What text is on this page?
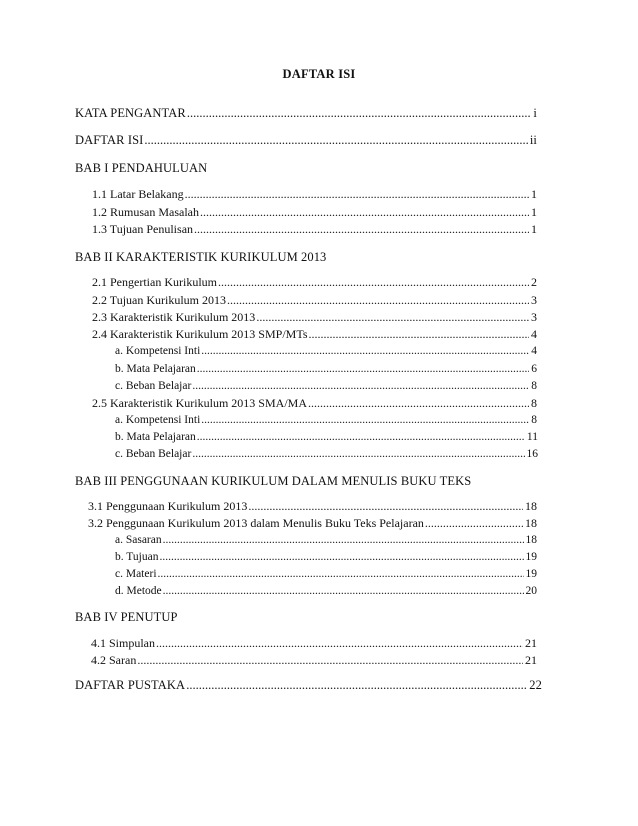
DAFTAR ISI
KATA PENGANTAR .....	i
DAFTAR ISI .....	ii
BAB I PENDAHULUAN
1.1 Latar Belakang .....	1
1.2 Rumusan Masalah .....	1
1.3 Tujuan Penulisan .....	1
BAB II KARAKTERISTIK KURIKULUM 2013
2.1 Pengertian Kurikulum .....	2
2.2 Tujuan Kurikulum 2013 .....	3
2.3 Karakteristik Kurikulum 2013 .....	3
2.4 Karakteristik Kurikulum 2013 SMP/MTs .....	4
a. Kompetensi Inti .....	4
b. Mata Pelajaran .....	6
c. Beban Belajar .....	8
2.5 Karakteristik Kurikulum 2013 SMA/MA .....	8
a. Kompetensi Inti .....	8
b. Mata Pelajaran .....	11
c. Beban Belajar .....	16
BAB III PENGGUNAAN KURIKULUM DALAM MENULIS BUKU TEKS
3.1 Penggunaan Kurikulum 2013 .....	18
3.2 Penggunaan Kurikulum 2013 dalam Menulis Buku Teks Pelajaran .....	18
a. Sasaran .....	18
b. Tujuan .....	19
c. Materi .....	19
d. Metode .....	20
BAB IV PENUTUP
4.1 Simpulan .....	21
4.2 Saran .....	21
DAFTAR PUSTAKA .....	22
